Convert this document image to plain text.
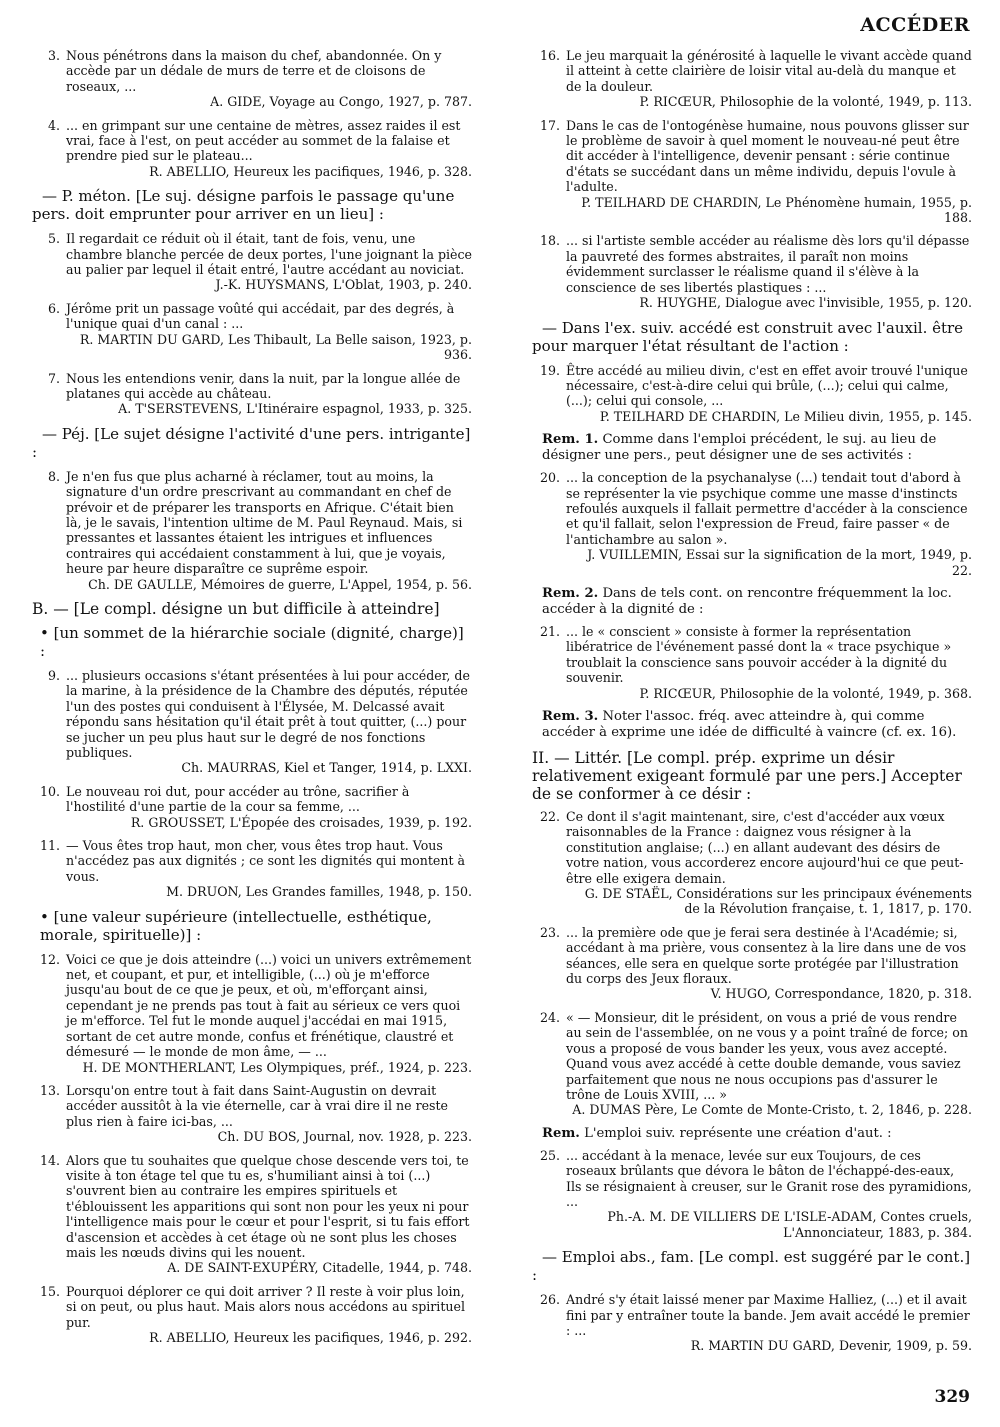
ACCÉDER
3. Nous pénétrons dans la maison du chef, abandonnée. On y accède par un dédale de murs de terre et de cloisons de roseaux, ...
A. GIDE, Voyage au Congo, 1927, p. 787.
4. ... en grimpant sur une centaine de mètres, assez raides il est vrai, face à l'est, on peut accéder au sommet de la falaise et prendre pied sur le plateau...
R. ABELLIO, Heureux les pacifiques, 1946, p. 328.
— P. méton. [Le suj. désigne parfois le passage qu'une pers. doit emprunter pour arriver en un lieu] :
5. Il regardait ce réduit où il était, tant de fois, venu, une chambre blanche percée de deux portes, l'une joignant la pièce au palier par lequel il était entré, l'autre accédant au noviciat.
J.-K. HUYSMANS, L'Oblat, 1903, p. 240.
6. Jérôme prit un passage voûté qui accédait, par des degrés, à l'unique quai d'un canal : ...
R. MARTIN DU GARD, Les Thibault, La Belle saison, 1923, p. 936.
7. Nous les entendions venir, dans la nuit, par la longue allée de platanes qui accède au château.
A. T'SERSTEVENS, L'Itinéraire espagnol, 1933, p. 325.
— Péj. [Le sujet désigne l'activité d'une pers. intrigante] :
8. Je n'en fus que plus acharné à réclamer, tout au moins, la signature d'un ordre prescrivant au commandant en chef de prévoir et de préparer les transports en Afrique. C'était bien là, je le savais, l'intention ultime de M. Paul Reynaud. Mais, si pressantes et lassantes étaient les intrigues et influences contraires qui accédaient constamment à lui, que je voyais, heure par heure disparaître ce suprême espoir.
Ch. DE GAULLE, Mémoires de guerre, L'Appel, 1954, p. 56.
B. — [Le compl. désigne un but difficile à atteindre]
• [un sommet de la hiérarchie sociale (dignité, charge)] :
9. ... plusieurs occasions s'étant présentées à lui pour accéder, de la marine, à la présidence de la Chambre des députés, réputée l'un des postes qui conduisent à l'Élysée, M. Delcassé avait répondu sans hésitation qu'il était prêt à tout quitter, (...) pour se jucher un peu plus haut sur le degré de nos fonctions publiques.
Ch. MAURRAS, Kiel et Tanger, 1914, p. LXXI.
10. Le nouveau roi dut, pour accéder au trône, sacrifier à l'hostilité d'une partie de la cour sa femme, ...
R. GROUSSET, L'Épopée des croisades, 1939, p. 192.
11. — Vous êtes trop haut, mon cher, vous êtes trop haut. Vous n'accédez pas aux dignités ; ce sont les dignités qui montent à vous.
M. DRUON, Les Grandes familles, 1948, p. 150.
• [une valeur supérieure (intellectuelle, esthétique, morale, spirituelle)] :
12. Voici ce que je dois atteindre (...) voici un univers extrêmement net, et coupant, et pur, et intelligible, (...) où je m'efforce jusqu'au bout de ce que je peux, et où, m'efforçant ainsi, cependant je ne prends pas tout à fait au sérieux ce vers quoi je m'efforce. Tel fut le monde auquel j'accédai en mai 1915, sortant de cet autre monde, confus et frénétique, claustré et démesuré — le monde de mon âme, — ...
H. DE MONTHERLANT, Les Olympiques, préf., 1924, p. 223.
13. Lorsqu'on entre tout à fait dans Saint-Augustin on devrait accéder aussitôt à la vie éternelle, car à vrai dire il ne reste plus rien à faire ici-bas, ...
Ch. DU BOS, Journal, nov. 1928, p. 223.
14. Alors que tu souhaites que quelque chose descende vers toi, te visite à ton étage tel que tu es, s'humiliant ainsi à toi (...) s'ouvrent bien au contraire les empires spirituels et t'éblouissent les apparitions qui sont non pour les yeux ni pour l'intelligence mais pour le cœur et pour l'esprit, si tu fais effort d'ascension et accèdes à cet étage où ne sont plus les choses mais les nœuds divins qui les nouent.
A. DE SAINT-EXUPÉRY, Citadelle, 1944, p. 748.
15. Pourquoi déplorer ce qui doit arriver ? Il reste à voir plus loin, si on peut, ou plus haut. Mais alors nous accédons au spirituel pur.
R. ABELLIO, Heureux les pacifiques, 1946, p. 292.
16. Le jeu marquait la générosité à laquelle le vivant accède quand il atteint à cette clairière de loisir vital au-delà du manque et de la douleur.
P. RICŒUR, Philosophie de la volonté, 1949, p. 113.
17. Dans le cas de l'ontogénèse humaine, nous pouvons glisser sur le problème de savoir à quel moment le nouveau-né peut être dit accéder à l'intelligence, devenir pensant : série continue d'états se succédant dans un même individu, depuis l'ovule à l'adulte.
P. TEILHARD DE CHARDIN, Le Phénomène humain, 1955, p. 188.
18. ... si l'artiste semble accéder au réalisme dès lors qu'il dépasse la pauvreté des formes abstraites, il paraît non moins évidemment surclasser le réalisme quand il s'élève à la conscience de ses libertés plastiques : ...
R. HUYGHE, Dialogue avec l'invisible, 1955, p. 120.
— Dans l'ex. suiv. accédé est construit avec l'auxil. être pour marquer l'état résultant de l'action :
19. Être accédé au milieu divin, c'est en effet avoir trouvé l'unique nécessaire, c'est-à-dire celui qui brûle, (...); celui qui calme, (...); celui qui console, ...
P. TEILHARD DE CHARDIN, Le Milieu divin, 1955, p. 145.
Rem. 1. Comme dans l'emploi précédent, le suj. au lieu de désigner une pers., peut désigner une de ses activités :
20. ... la conception de la psychanalyse (...) tendait tout d'abord à se représenter la vie psychique comme une masse d'instincts refoulés auxquels il fallait permettre d'accéder à la conscience et qu'il fallait, selon l'expression de Freud, faire passer « de l'antichambre au salon ».
J. VUILLEMIN, Essai sur la signification de la mort, 1949, p. 22.
Rem. 2. Dans de tels cont. on rencontre fréquemment la loc. accéder à la dignité de :
21. ... le « conscient » consiste à former la représentation libératrice de l'événement passé dont la « trace psychique » troublait la conscience sans pouvoir accéder à la dignité du souvenir.
P. RICŒUR, Philosophie de la volonté, 1949, p. 368.
Rem. 3. Noter l'assoc. fréq. avec atteindre à, qui comme accéder à exprime une idée de difficulté à vaincre (cf. ex. 16).
II. — Littér. [Le compl. prép. exprime un désir relativement exigeant formulé par une pers.] Accepter de se conformer à ce désir :
22. Ce dont il s'agit maintenant, sire, c'est d'accéder aux vœux raisonnables de la France : daignez vous résigner à la constitution anglaise; (...) en allant audevant des désirs de votre nation, vous accorderez encore aujourd'hui ce que peut-être elle exigera demain.
G. DE STAËL, Considérations sur les principaux événements de la Révolution française, t. 1, 1817, p. 170.
23. ... la première ode que je ferai sera destinée à l'Académie; si, accédant à ma prière, vous consentez à la lire dans une de vos séances, elle sera en quelque sorte protégée par l'illustration du corps des Jeux floraux.
V. HUGO, Correspondance, 1820, p. 318.
24. « — Monsieur, dit le président, on vous a prié de vous rendre au sein de l'assemblée, on ne vous y a point traîné de force; on vous a proposé de vous bander les yeux, vous avez accepté. Quand vous avez accédé à cette double demande, vous saviez parfaitement que nous ne nous occupions pas d'assurer le trône de Louis XVIII, ... »
A. DUMAS Père, Le Comte de Monte-Cristo, t. 2, 1846, p. 228.
Rem. L'emploi suiv. représente une création d'aut. :
25. ... accédant à la menace, levée sur eux Toujours, de ces roseaux brûlants que dévora le bâton de l'échappé-des-eaux, Ils se résignaient à creuser, sur le Granit rose des pyramidions, ...
Ph.-A. M. DE VILLIERS DE L'ISLE-ADAM, Contes cruels, L'Annonciateur, 1883, p. 384.
— Emploi abs., fam. [Le compl. est suggéré par le cont.] :
26. André s'y était laissé mener par Maxime Halliez, (...) et il avait fini par y entraîner toute la bande. Jem avait accédé le premier : ...
R. MARTIN DU GARD, Devenir, 1909, p. 59.
329
